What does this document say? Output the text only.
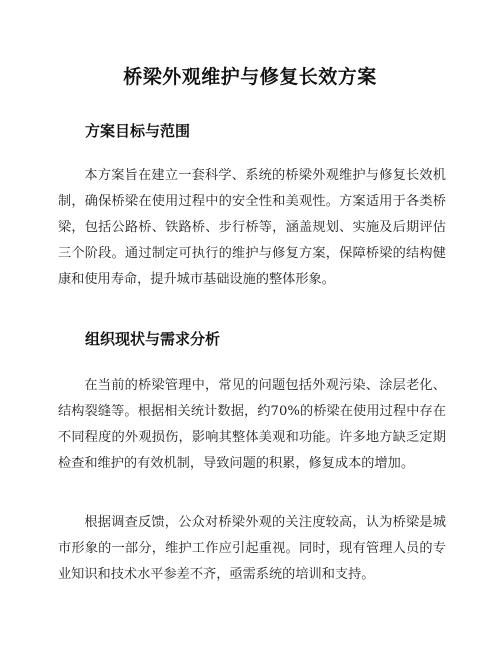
桥梁外观维护与修复长效方案
方案目标与范围

本方案旨在建立一套科学、系统的桥梁外观维护与修复长效机制，确保桥梁在使用过程中的安全性和美观性。方案适用于各类桥梁，包括公路桥、铁路桥、步行桥等，涵盖规划、实施及后期评估三个阶段。通过制定可执行的维护与修复方案，保障桥梁的结构健康和使用寿命，提升城市基础设施的整体形象。

组织现状与需求分析

在当前的桥梁管理中，常见的问题包括外观污染、涂层老化、结构裂缝等。根据相关统计数据，约70%的桥梁在使用过程中存在不同程度的外观损伤，影响其整体美观和功能。许多地方缺乏定期检查和维护的有效机制，导致问题的积累，修复成本的增加。

根据调查反馈，公众对桥梁外观的关注度较高，认为桥梁是城市形象的一部分，维护工作应引起重视。同时，现有管理人员的专业知识和技术水平参差不齐，亟需系统的培训和支持。
